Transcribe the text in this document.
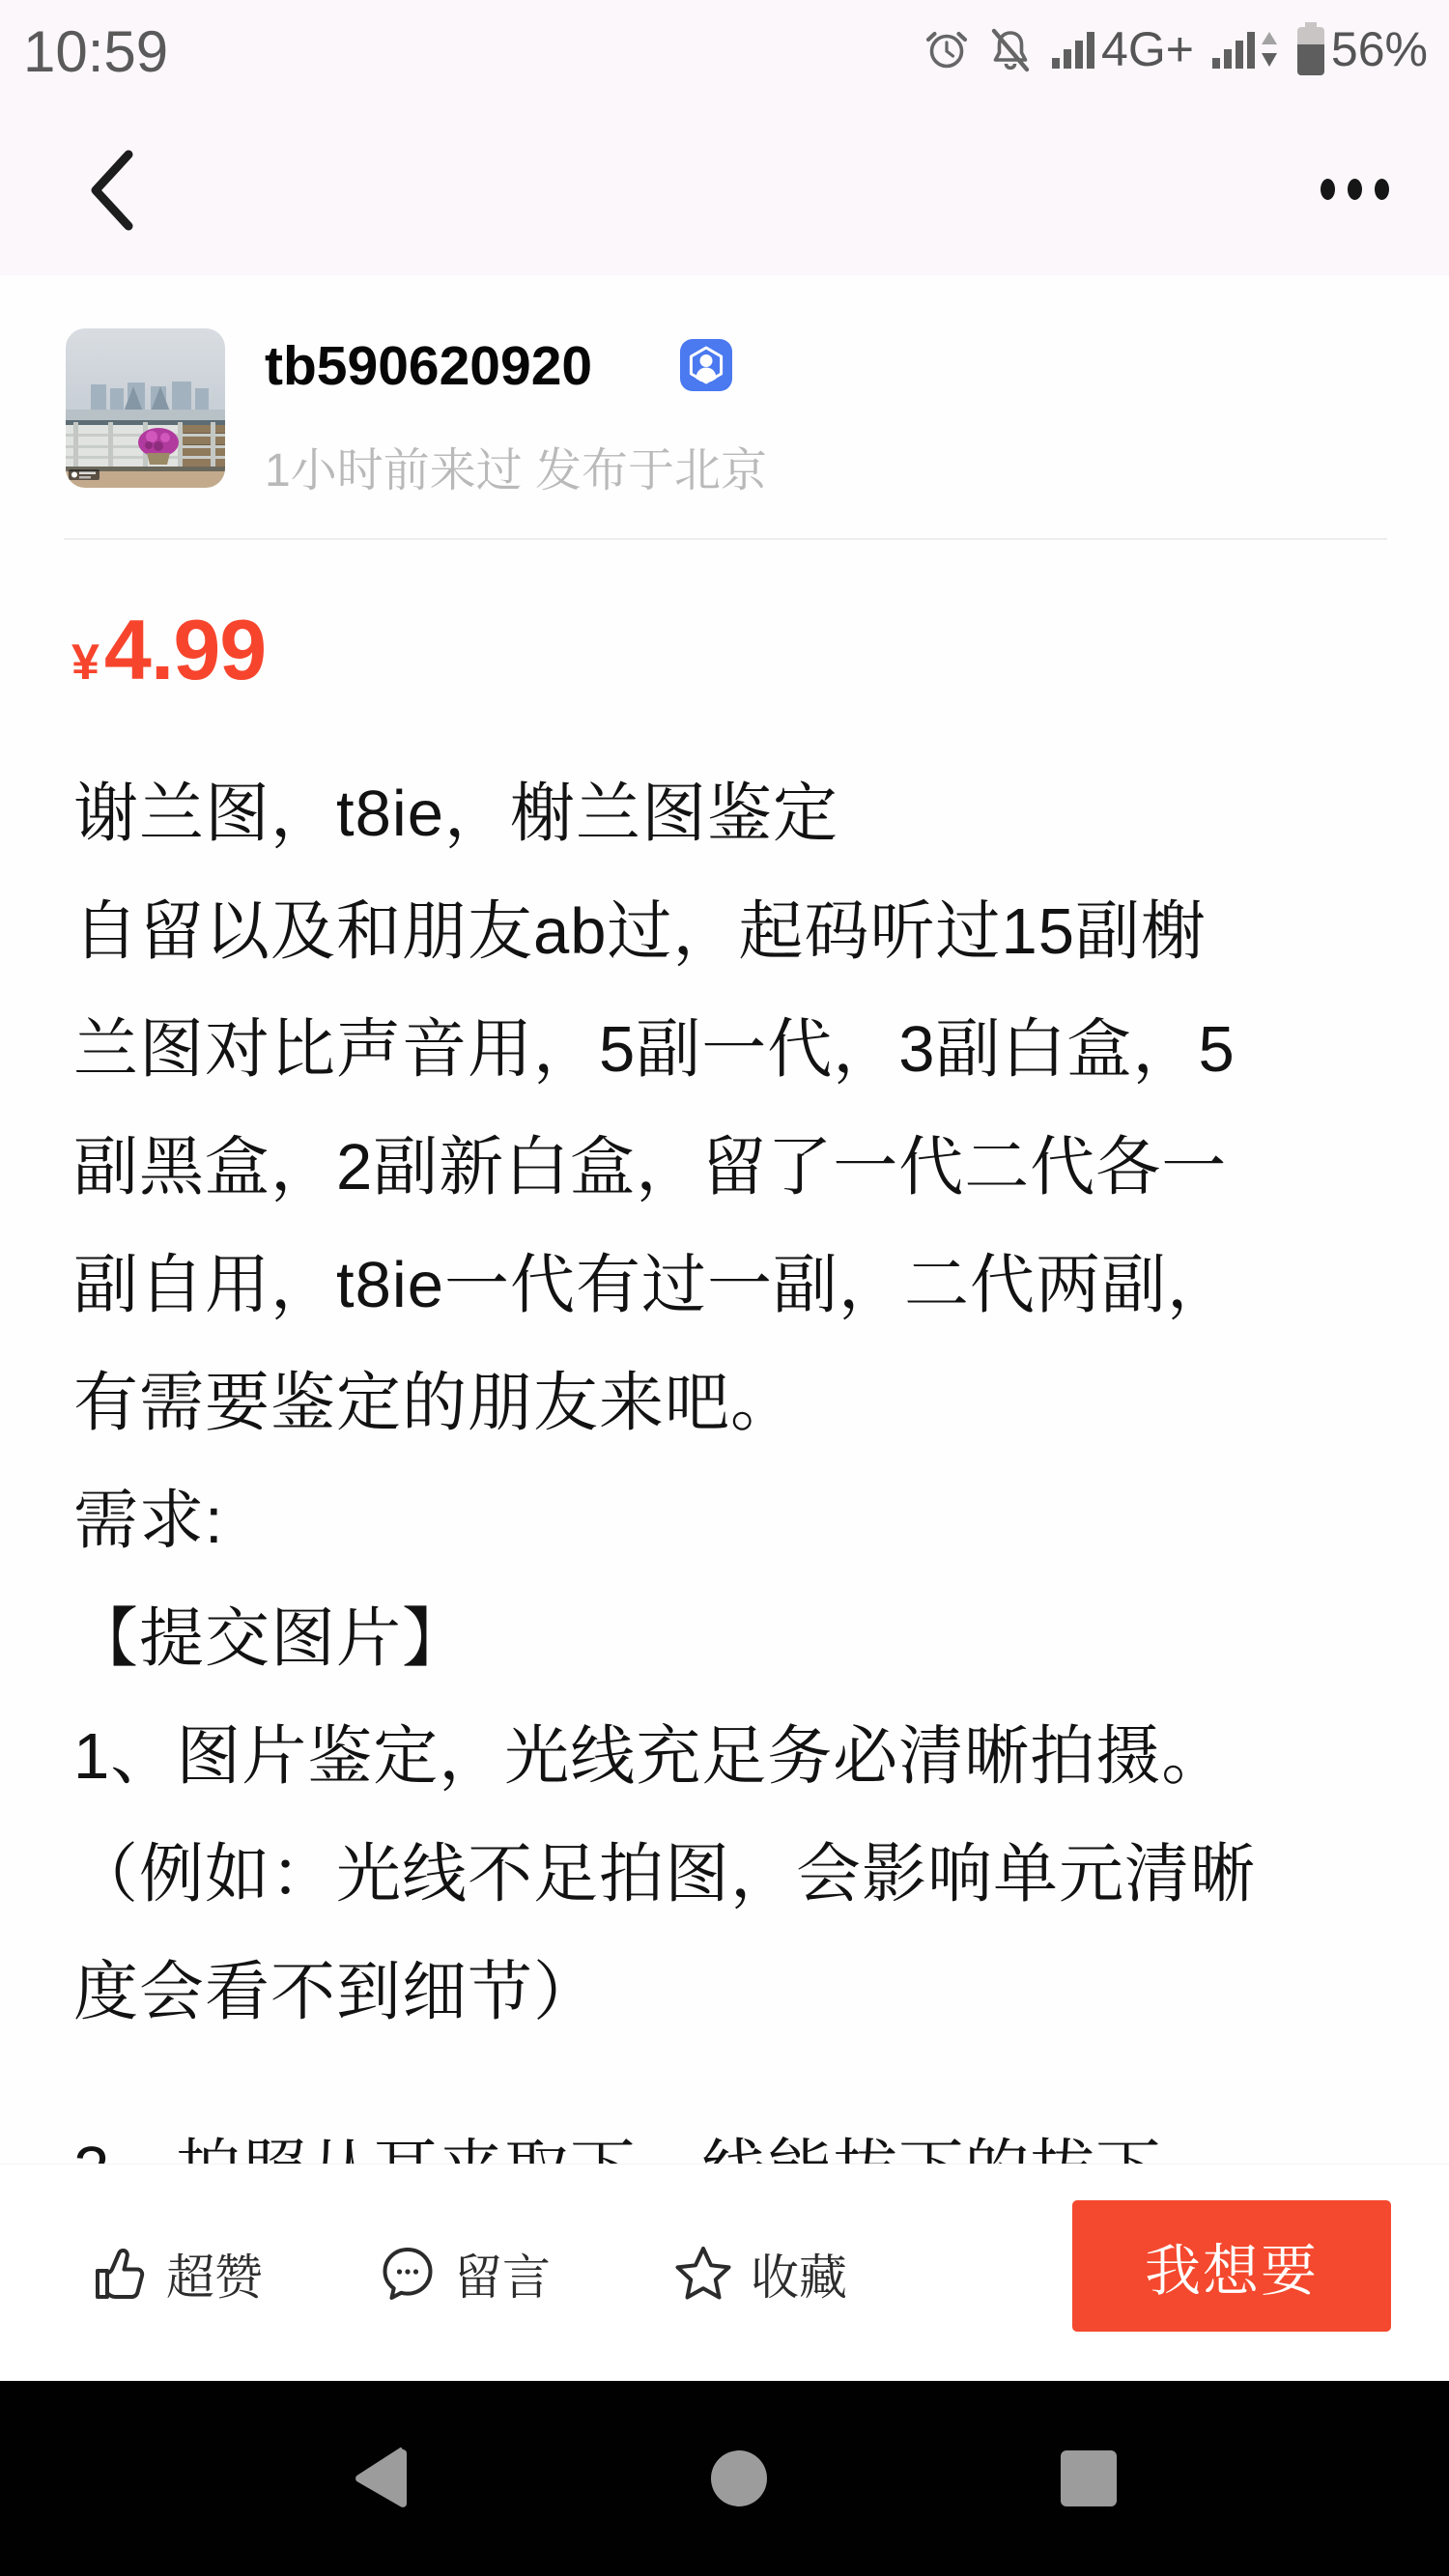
10:59	4G+	56%
tb590620920
1小时前来过 发布于北京
¥ 4.99
谢兰图，t8ie，榭兰图鉴定
自留以及和朋友ab过，起码听过15副榭
兰图对比声音用，5副一代，3副白盒，5
副黑盒，2副新白盒，留了一代二代各一
副自用，t8ie一代有过一副，二代两副，
有需要鉴定的朋友来吧。
需求:
【提交图片】
1、图片鉴定，光线充足务必清晰拍摄。
（例如：光线不足拍图，会影响单元清晰
度会看不到细节）
超赞	留言	收藏	我想要
